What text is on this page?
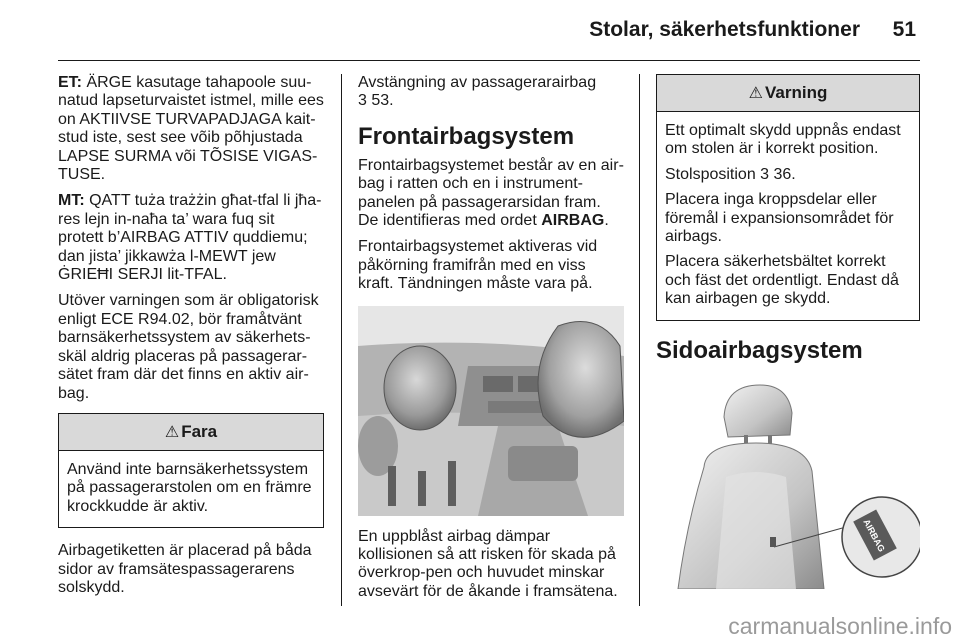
Stolar, säkerhetsfunktioner 51

ET: ÄRGE kasutage tahapoole suu-natud lapseturvaistet istmel, mille ees on AKTIIVSE TURVAPADJAGA kait-stud iste, sest see võib põhjustada LAPSE SURMA või TÕSISE VIGAS-TUSE.

MT: QATT tuża trażżin għat-tfal li jħa-res lejn in-naħa ta’ wara fuq sit protett b’AIRBAG ATTIV quddiemu; dan jista’ jikkawża l-MEWT jew ĠRIEĦI SERJI lit-TFAL.

Utöver varningen som är obligatorisk enligt ECE R94.02, bör framåtvänt barnsäkerhetssystem av säkerhets-skäl aldrig placeras på passagerar-sätet fram där det finns en aktiv air-bag.

⚠ Fara

Använd inte barnsäkerhetssystem på passagerarstolen om en främre krockkudde är aktiv.

Airbagetiketten är placerad på båda sidor av framsätespassagerarens solskydd.

Avstängning av passagerarairbag
3 53.

Frontairbagsystem

Frontairbagsystemet består av en air-bag i ratten och en i instrument-panelen på passagerarsidan fram. De identifieras med ordet AIRBAG.

Frontairbagsystemet aktiveras vid påkörning framifrån med en viss kraft. Tändningen måste vara på.

En uppblåst airbag dämpar kollisionen så att risken för skada på överkrop-pen och huvudet minskar avsevärt för de åkande i framsätena.

⚠ Varning

Ett optimalt skydd uppnås endast om stolen är i korrekt position.

Stolsposition 3 36.

Placera inga kroppsdelar eller föremål i expansionsområdet för airbags.

Placera säkerhetsbältet korrekt och fäst det ordentligt. Endast då kan airbagen ge skydd.

Sidoairbagsystem
AIRBAG
carmanualsonline.info
